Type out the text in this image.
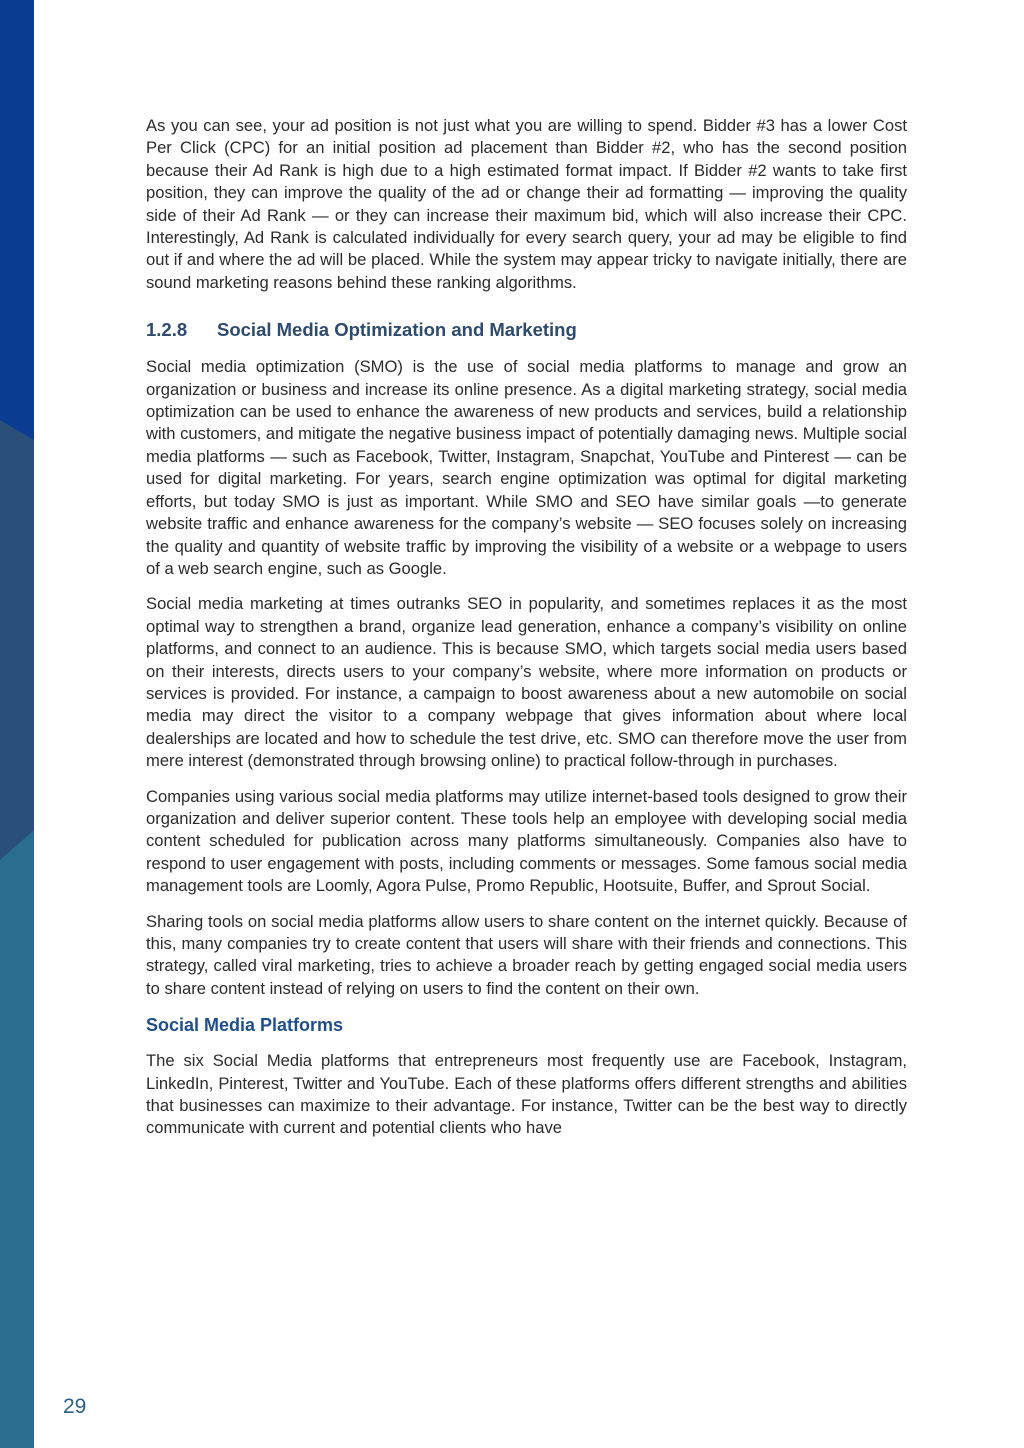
As you can see, your ad position is not just what you are willing to spend. Bidder #3 has a lower Cost Per Click (CPC) for an initial position ad placement than Bidder #2, who has the second position because their Ad Rank is high due to a high estimated format impact. If Bidder #2 wants to take first position, they can improve the quality of the ad or change their ad formatting — improving the quality side of their Ad Rank — or they can increase their maximum bid, which will also increase their CPC. Interestingly, Ad Rank is calculated individually for every search query, your ad may be eligible to find out if and where the ad will be placed. While the system may appear tricky to navigate initially, there are sound marketing reasons behind these ranking algorithms.

1.2.8 Social Media Optimization and Marketing

Social media optimization (SMO) is the use of social media platforms to manage and grow an organization or business and increase its online presence. As a digital marketing strategy, social media optimization can be used to enhance the awareness of new products and services, build a relationship with customers, and mitigate the negative business impact of potentially damaging news. Multiple social media platforms — such as Facebook, Twitter, Instagram, Snapchat, YouTube and Pinterest — can be used for digital marketing. For years, search engine optimization was optimal for digital marketing efforts, but today SMO is just as important. While SMO and SEO have similar goals —to generate website traffic and enhance awareness for the company’s website — SEO focuses solely on increasing the quality and quantity of website traffic by improving the visibility of a website or a webpage to users of a web search engine, such as Google.

Social media marketing at times outranks SEO in popularity, and sometimes replaces it as the most optimal way to strengthen a brand, organize lead generation, enhance a company’s visibility on online platforms, and connect to an audience. This is because SMO, which targets social media users based on their interests, directs users to your company’s website, where more information on products or services is provided. For instance, a campaign to boost awareness about a new automobile on social media may direct the visitor to a company webpage that gives information about where local dealerships are located and how to schedule the test drive, etc. SMO can therefore move the user from mere interest (demonstrated through browsing online) to practical follow-through in purchases.

Companies using various social media platforms may utilize internet-based tools designed to grow their organization and deliver superior content. These tools help an employee with developing social media content scheduled for publication across many platforms simultaneously. Companies also have to respond to user engagement with posts, including comments or messages. Some famous social media management tools are Loomly, Agora Pulse, Promo Republic, Hootsuite, Buffer, and Sprout Social.

Sharing tools on social media platforms allow users to share content on the internet quickly. Because of this, many companies try to create content that users will share with their friends and connections. This strategy, called viral marketing, tries to achieve a broader reach by getting engaged social media users to share content instead of relying on users to find the content on their own.

Social Media Platforms

The six Social Media platforms that entrepreneurs most frequently use are Facebook, Instagram, LinkedIn, Pinterest, Twitter and YouTube. Each of these platforms offers different strengths and abilities that businesses can maximize to their advantage. For instance, Twitter can be the best way to directly communicate with current and potential clients who have

29
